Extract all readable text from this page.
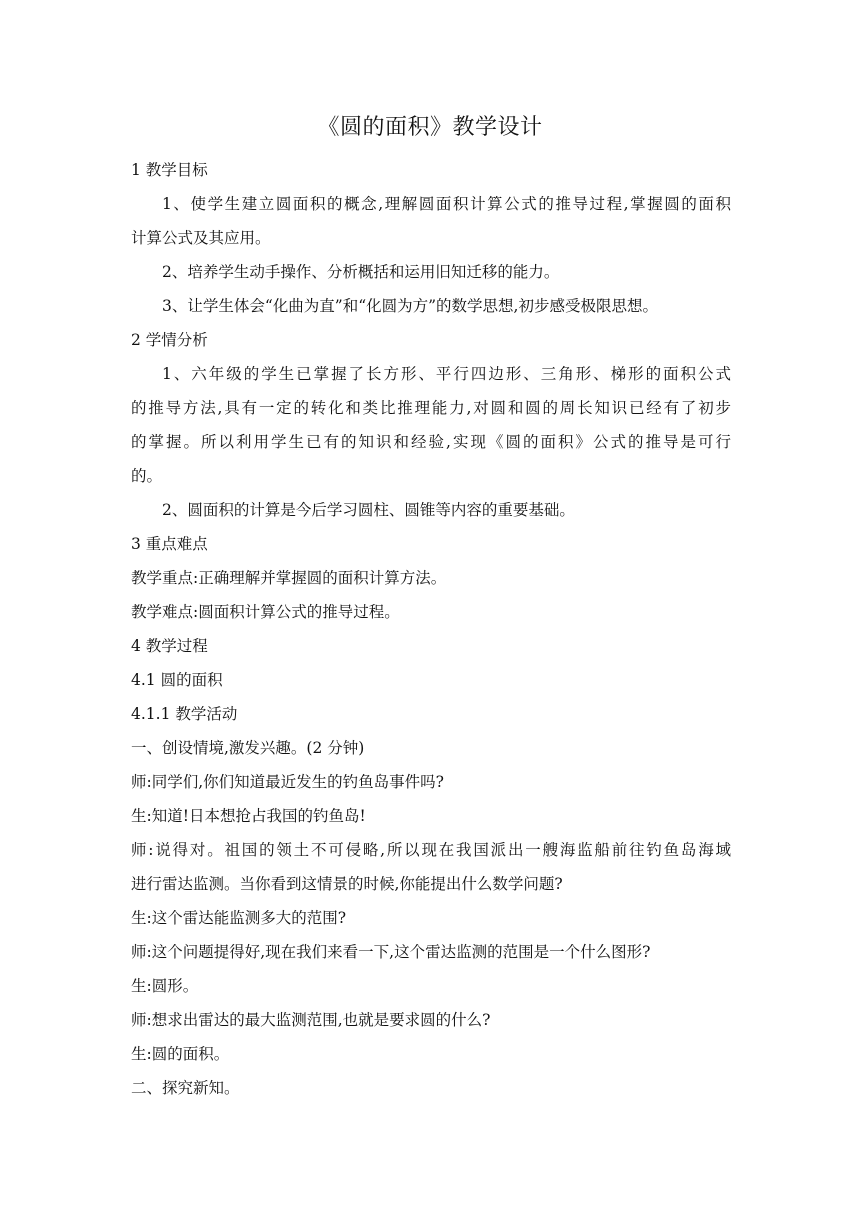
《圆的面积》教学设计
1 教学目标
1、使学生建立圆面积的概念,理解圆面积计算公式的推导过程,掌握圆的面积
计算公式及其应用。
2、培养学生动手操作、分析概括和运用旧知迁移的能力。
3、让学生体会“化曲为直”和“化圆为方”的数学思想,初步感受极限思想。
2 学情分析
1、六年级的学生已掌握了长方形、平行四边形、三角形、梯形的面积公式
的推导方法,具有一定的转化和类比推理能力,对圆和圆的周长知识已经有了初步
的掌握。所以利用学生已有的知识和经验,实现《圆的面积》公式的推导是可行
的。
2、圆面积的计算是今后学习圆柱、圆锥等内容的重要基础。
3 重点难点
教学重点:正确理解并掌握圆的面积计算方法。
教学难点:圆面积计算公式的推导过程。
4 教学过程
4.1 圆的面积
4.1.1 教学活动
一、创设情境,激发兴趣。(2 分钟)
师:同学们,你们知道最近发生的钓鱼岛事件吗?
生:知道!日本想抢占我国的钓鱼岛!
师:说得对。祖国的领土不可侵略,所以现在我国派出一艘海监船前往钓鱼岛海域
进行雷达监测。当你看到这情景的时候,你能提出什么数学问题?
生:这个雷达能监测多大的范围?
师:这个问题提得好,现在我们来看一下,这个雷达监测的范围是一个什么图形?
生:圆形。
师:想求出雷达的最大监测范围,也就是要求圆的什么?
生:圆的面积。
二、探究新知。
